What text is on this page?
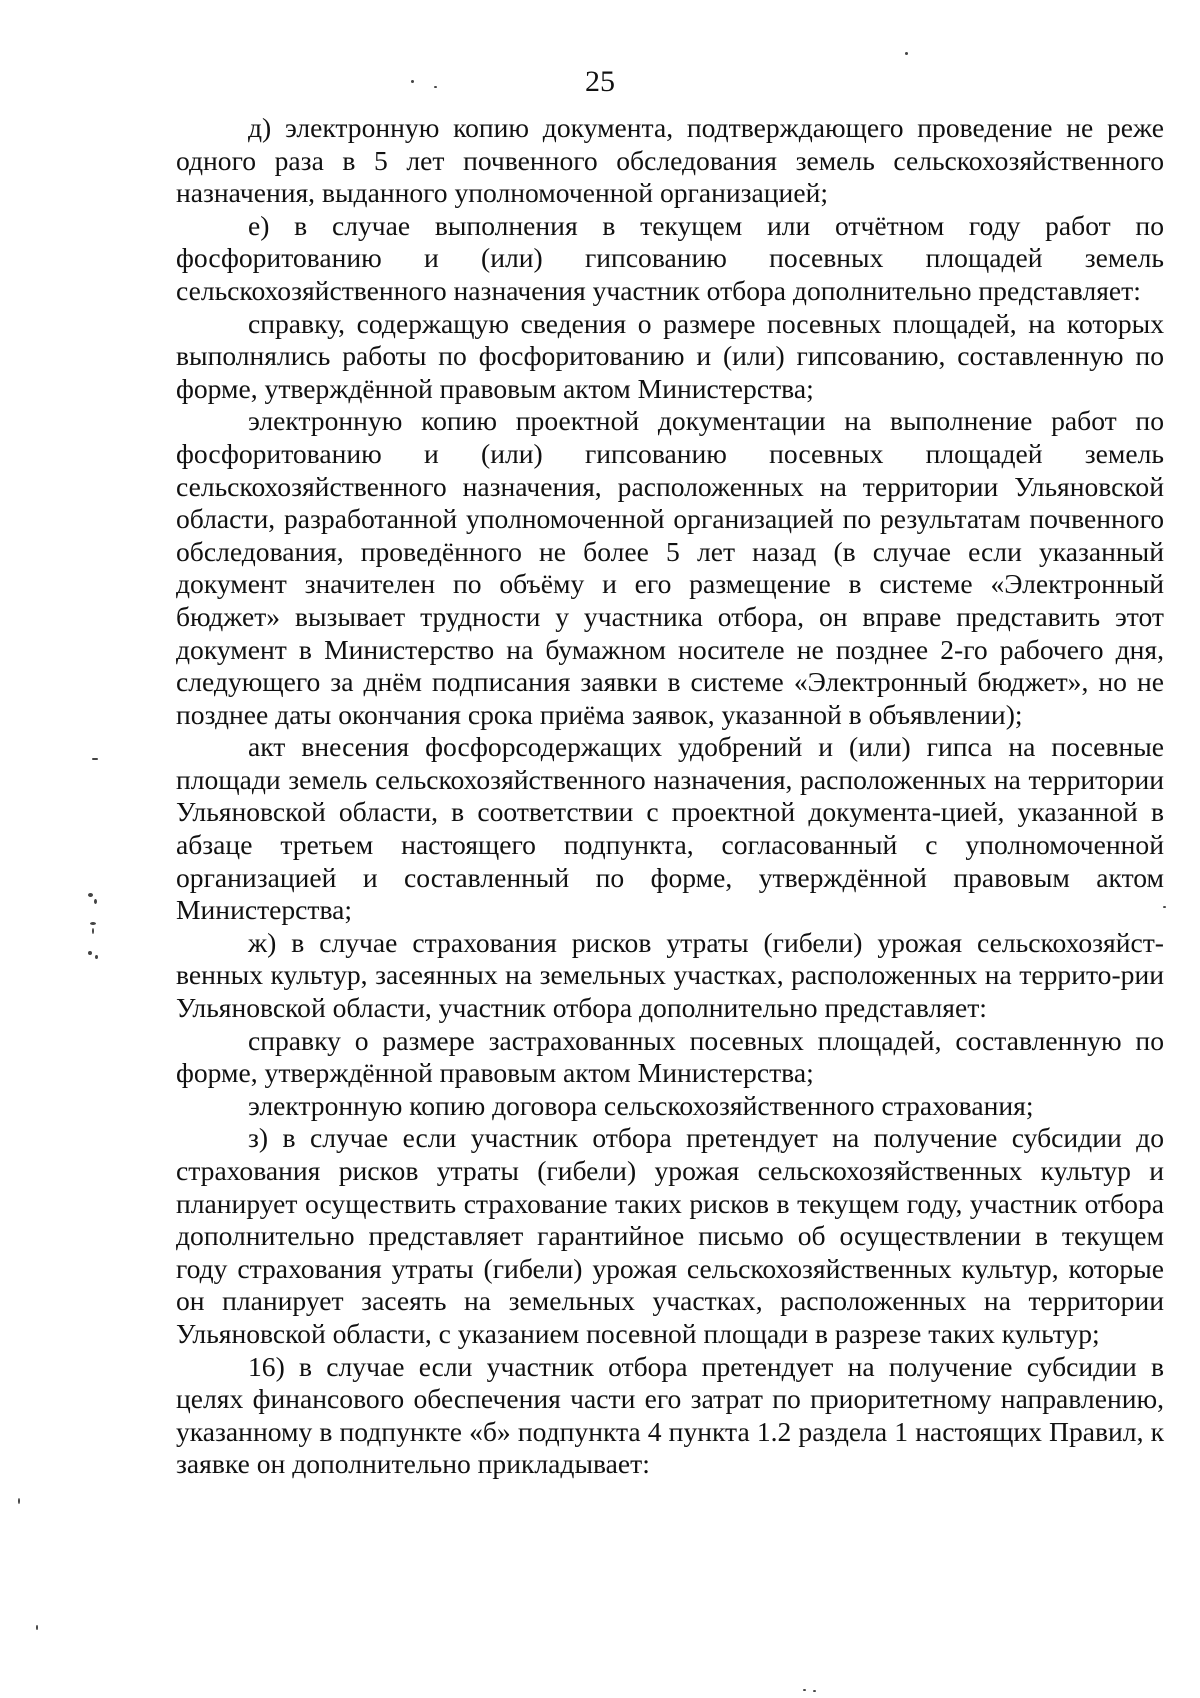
25

д) электронную копию документа, подтверждающего проведение не реже одного раза в 5 лет почвенного обследования земель сельскохозяйственного назначения, выданного уполномоченной организацией;

е) в случае выполнения в текущем или отчётном году работ по фосфоритованию и (или) гипсованию посевных площадей земель сельскохозяйственного назначения участник отбора дополнительно представляет:

справку, содержащую сведения о размере посевных площадей, на которых выполнялись работы по фосфоритованию и (или) гипсованию, составленную по форме, утверждённой правовым актом Министерства;

электронную копию проектной документации на выполнение работ по фосфоритованию и (или) гипсованию посевных площадей земель сельскохозяйственного назначения, расположенных на территории Ульяновской области, разработанной уполномоченной организацией по результатам почвенного обследования, проведённого не более 5 лет назад (в случае если указанный документ значителен по объёму и его размещение в системе «Электронный бюджет» вызывает трудности у участника отбора, он вправе представить этот документ в Министерство на бумажном носителе не позднее 2-го рабочего дня, следующего за днём подписания заявки в системе «Электронный бюджет», но не позднее даты окончания срока приёма заявок, указанной в объявлении);

акт внесения фосфорсодержащих удобрений и (или) гипса на посевные площади земель сельскохозяйственного назначения, расположенных на территории Ульяновской области, в соответствии с проектной документа-цией, указанной в абзаце третьем настоящего подпункта, согласованный с уполномоченной организацией и составленный по форме, утверждённой правовым актом Министерства;

ж) в случае страхования рисков утраты (гибели) урожая сельскохозяйст-венных культур, засеянных на земельных участках, расположенных на террито-рии Ульяновской области, участник отбора дополнительно представляет:

справку о размере застрахованных посевных площадей, составленную по форме, утверждённой правовым актом Министерства;

электронную копию договора сельскохозяйственного страхования;

з) в случае если участник отбора претендует на получение субсидии до страхования рисков утраты (гибели) урожая сельскохозяйственных культур и планирует осуществить страхование таких рисков в текущем году, участник отбора дополнительно представляет гарантийное письмо об осуществлении в текущем году страхования утраты (гибели) урожая сельскохозяйственных культур, которые он планирует засеять на земельных участках, расположенных на территории Ульяновской области, с указанием посевной площади в разрезе таких культур;

16) в случае если участник отбора претендует на получение субсидии в целях финансового обеспечения части его затрат по приоритетному направлению, указанному в подпункте «б» подпункта 4 пункта 1.2 раздела 1 настоящих Правил, к заявке он дополнительно прикладывает:
